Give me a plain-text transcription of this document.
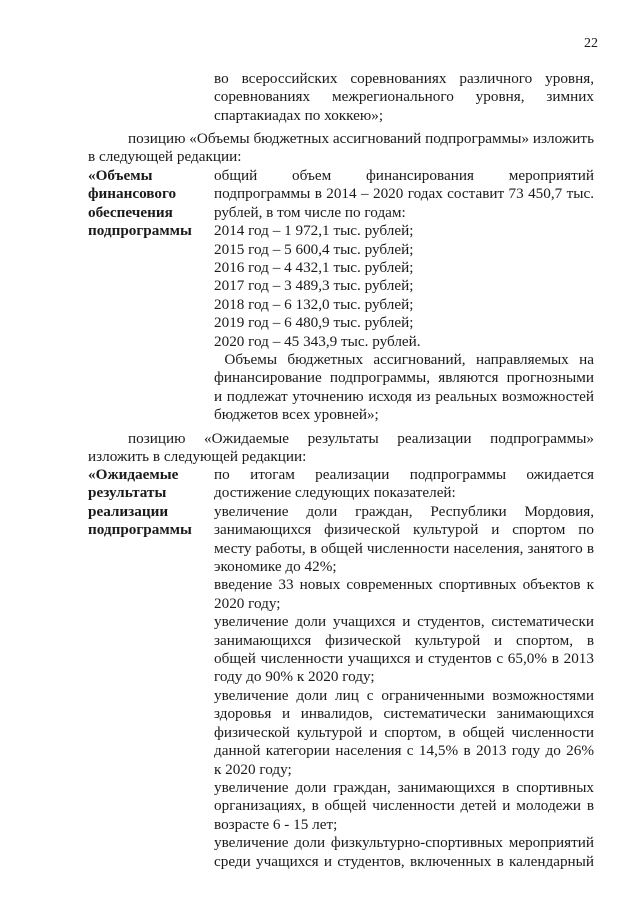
22
во всероссийских соревнованиях различного уровня,
соревнованиях межрегионального уровня, зимних
спартакиадах по хоккею»;
позицию «Объемы бюджетных ассигнований подпрограммы» изложить
в следующей редакции:
«Объемы
финансового
обеспечения
подпрограммы
общий объем финансирования мероприятий
подпрограммы в 2014 – 2020 годах составит 73 450,7 тыс.
рублей, в том числе по годам:
2014 год – 1 972,1 тыс. рублей;
2015 год – 5 600,4 тыс. рублей;
2016 год – 4 432,1 тыс. рублей;
2017 год – 3 489,3 тыс. рублей;
2018 год – 6 132,0 тыс. рублей;
2019 год – 6 480,9 тыс. рублей;
2020 год – 45 343,9 тыс. рублей.
Объемы бюджетных ассигнований, направляемых на
финансирование подпрограммы, являются прогнозными
и подлежат уточнению исходя из реальных возможностей
бюджетов всех уровней»;
позицию «Ожидаемые результаты реализации подпрограммы»
изложить в следующей редакции:
«Ожидаемые
результаты
реализации
подпрограммы
по итогам реализации подпрограммы ожидается
достижение следующих показателей:
увеличение доли граждан, Республики Мордовия,
занимающихся физической культурой и спортом по
месту работы, в общей численности населения, занятого в
экономике до 42%;
введение 33 новых современных спортивных объектов к
2020 году;
увеличение доли учащихся и студентов, систематически
занимающихся физической культурой и спортом, в
общей численности учащихся и студентов с 65,0% в 2013
году до 90% к 2020 году;
увеличение доли лиц с ограниченными возможностями
здоровья и инвалидов, систематически занимающихся
физической культурой и спортом, в общей численности
данной категории населения с 14,5% в 2013 году до 26%
к 2020 году;
увеличение доли граждан, занимающихся в спортивных
организациях, в общей численности детей и молодежи в
возрасте 6 - 15 лет;
увеличение доли физкультурно-спортивных мероприятий
среди учащихся и студентов, включенных в календарный
